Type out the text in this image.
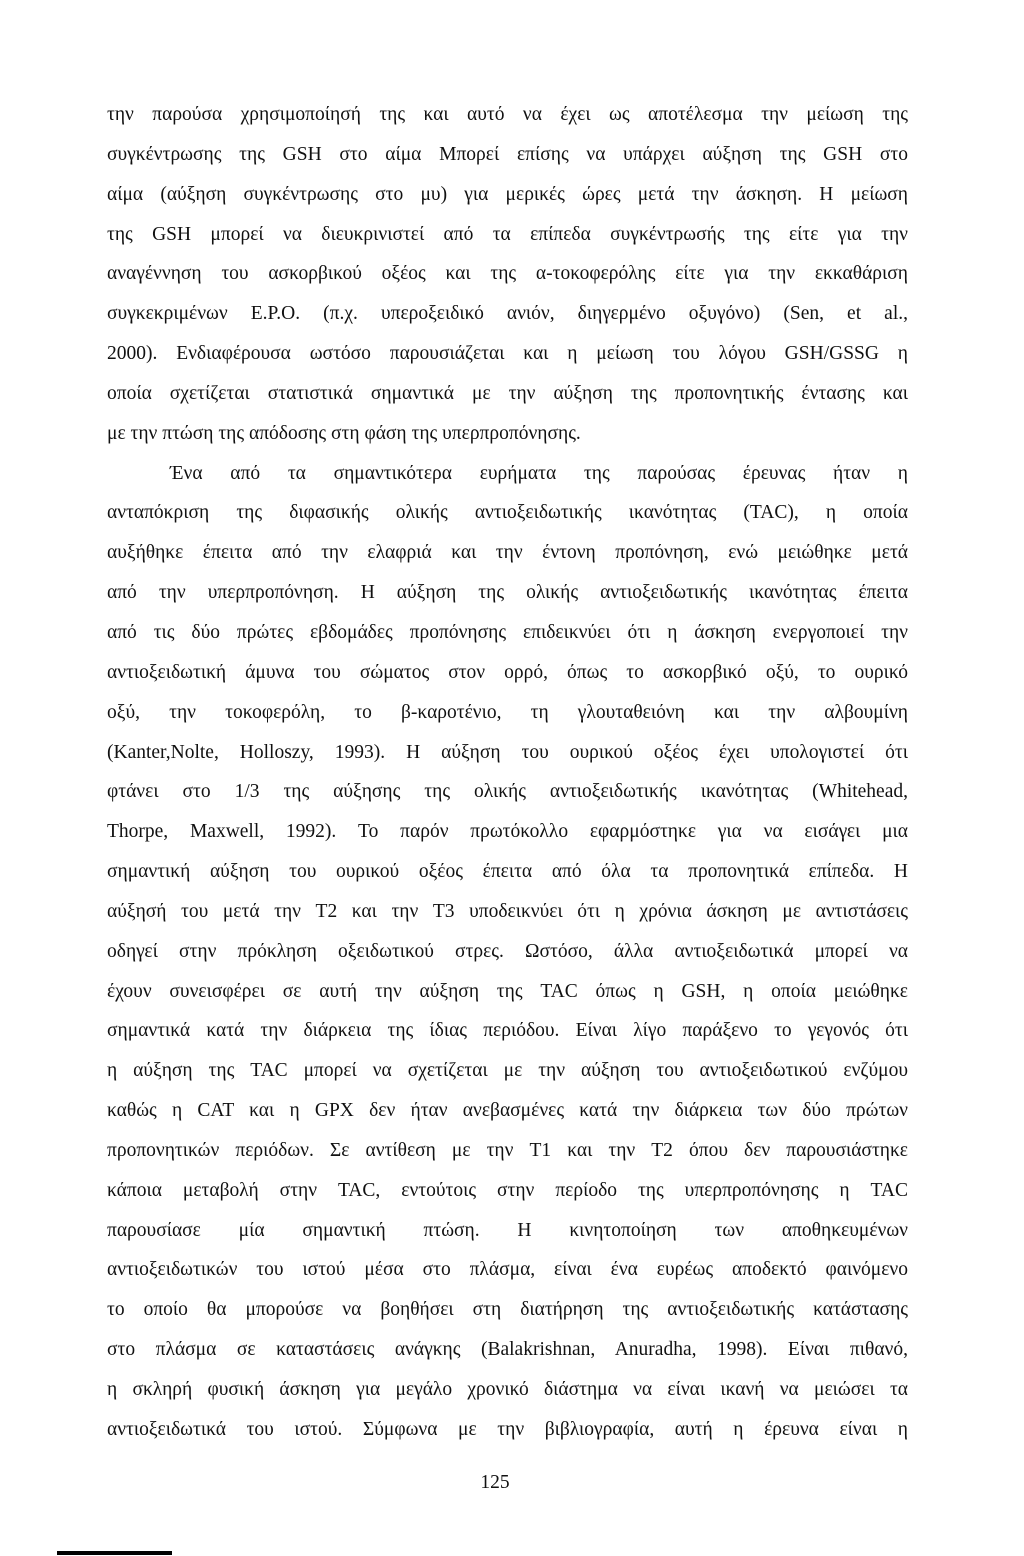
την παρούσα χρησιμοποίησή της και αυτό να έχει ως αποτέλεσμα την μείωση της
συγκέντρωσης της GSH στο αίμα Μπορεί επίσης να υπάρχει αύξηση της GSH στο
αίμα (αύξηση συγκέντρωσης στο μυ) για μερικές ώρες μετά την άσκηση. Η μείωση
της GSH μπορεί να διευκρινιστεί από τα επίπεδα συγκέντρωσής της είτε για την
αναγέννηση του ασκορβικού οξέος και της α-τοκοφερόλης είτε για την εκκαθάριση
συγκεκριμένων E.P.O. (π.χ. υπεροξειδικό ανιόν, διηγερμένο οξυγόνο) (Sen, et al.,
2000). Ενδιαφέρουσα ωστόσο παρουσιάζεται και η μείωση του λόγου GSH/GSSG η
οποία σχετίζεται στατιστικά σημαντικά με την αύξηση της προπονητικής έντασης και
με την πτώση της απόδοσης στη φάση της υπερπροπόνησης.
Ένα από τα σημαντικότερα ευρήματα της παρούσας έρευνας ήταν η
ανταπόκριση της διφασικής ολικής αντιοξειδωτικής ικανότητας (TAC), η οποία
αυξήθηκε έπειτα από την ελαφριά και την έντονη προπόνηση, ενώ μειώθηκε μετά
από την υπερπροπόνηση. Η αύξηση της ολικής αντιοξειδωτικής ικανότητας έπειτα
από τις δύο πρώτες εβδομάδες προπόνησης επιδεικνύει ότι η άσκηση ενεργοποιεί την
αντιοξειδωτική άμυνα του σώματος στον ορρό, όπως το ασκορβικό οξύ, το ουρικό
οξύ, την τοκοφερόλη, το β-καροτένιο, τη γλουταθειόνη και την αλβουμίνη
(Kanter,Nolte, Holloszy, 1993). Η αύξηση του ουρικού οξέος έχει υπολογιστεί ότι
φτάνει στο 1/3 της αύξησης της ολικής αντιοξειδωτικής ικανότητας (Whitehead,
Thorpe, Maxwell, 1992). Το παρόν πρωτόκολλο εφαρμόστηκε για να εισάγει μια
σημαντική αύξηση του ουρικού οξέος έπειτα από όλα τα προπονητικά επίπεδα. Η
αύξησή του μετά την T2 και την T3 υποδεικνύει ότι η χρόνια άσκηση με αντιστάσεις
οδηγεί στην πρόκληση οξειδωτικού στρες. Ωστόσο, άλλα αντιοξειδωτικά μπορεί να
έχουν συνεισφέρει σε αυτή την αύξηση της TAC όπως η GSH, η οποία μειώθηκε
σημαντικά κατά την διάρκεια της ίδιας περιόδου. Είναι λίγο παράξενο το γεγονός ότι
η αύξηση της TAC μπορεί να σχετίζεται με την αύξηση του αντιοξειδωτικού ενζύμου
καθώς η CAT και η GPX δεν ήταν ανεβασμένες κατά την διάρκεια των δύο πρώτων
προπονητικών περιόδων. Σε αντίθεση με την T1 και την T2 όπου δεν παρουσιάστηκε
κάποια μεταβολή στην TAC, εντούτοις στην περίοδο της υπερπροπόνησης η TAC
παρουσίασε μία σημαντική πτώση. Η κινητοποίηση των αποθηκευμένων
αντιοξειδωτικών του ιστού μέσα στο πλάσμα, είναι ένα ευρέως αποδεκτό φαινόμενο
το οποίο θα μπορούσε να βοηθήσει στη διατήρηση της αντιοξειδωτικής κατάστασης
στο πλάσμα σε καταστάσεις ανάγκης (Balakrishnan, Anuradha, 1998). Είναι πιθανό,
η σκληρή φυσική άσκηση για μεγάλο χρονικό διάστημα να είναι ικανή να μειώσει τα
αντιοξειδωτικά του ιστού. Σύμφωνα με την βιβλιογραφία, αυτή η έρευνα είναι η
125
